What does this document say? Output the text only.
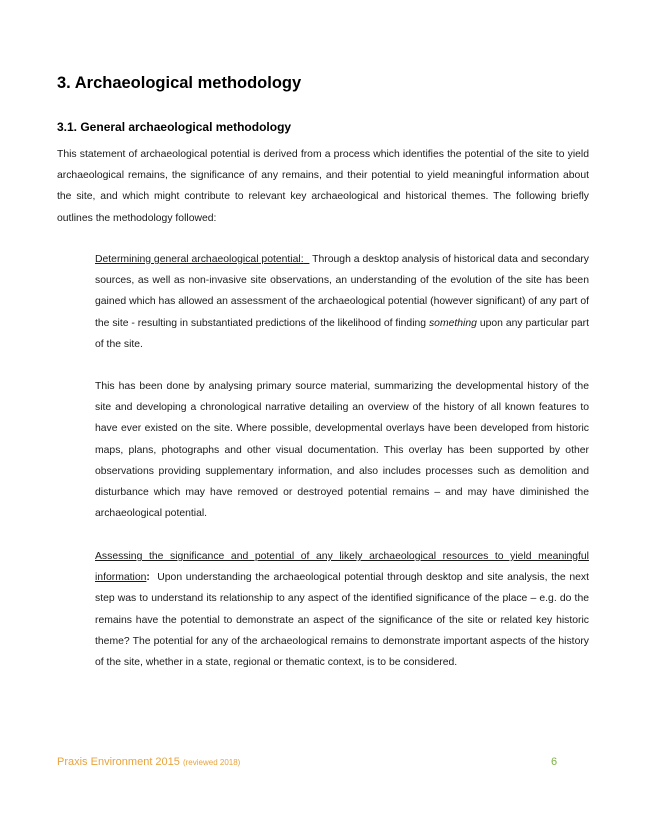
3. Archaeological methodology
3.1. General archaeological methodology

This statement of archaeological potential is derived from a process which identifies the potential of the site to yield archaeological remains, the significance of any remains, and their potential to yield meaningful information about the site, and which might contribute to relevant key archaeological and historical themes. The following briefly outlines the methodology followed:

Determining general archaeological potential: Through a desktop analysis of historical data and secondary sources, as well as non-invasive site observations, an understanding of the evolution of the site has been gained which has allowed an assessment of the archaeological potential (however significant) of any part of the site - resulting in substantiated predictions of the likelihood of finding something upon any particular part of the site.

This has been done by analysing primary source material, summarizing the developmental history of the site and developing a chronological narrative detailing an overview of the history of all known features to have ever existed on the site. Where possible, developmental overlays have been developed from historic maps, plans, photographs and other visual documentation. This overlay has been supported by other observations providing supplementary information, and also includes processes such as demolition and disturbance which may have removed or destroyed potential remains – and may have diminished the archaeological potential.

Assessing the significance and potential of any likely archaeological resources to yield meaningful information: Upon understanding the archaeological potential through desktop and site analysis, the next step was to understand its relationship to any aspect of the identified significance of the place – e.g. do the remains have the potential to demonstrate an aspect of the significance of the site or related key historic theme? The potential for any of the archaeological remains to demonstrate important aspects of the history of the site, whether in a state, regional or thematic context, is to be considered.

Praxis Environment 2015 (reviewed 2018)	6
